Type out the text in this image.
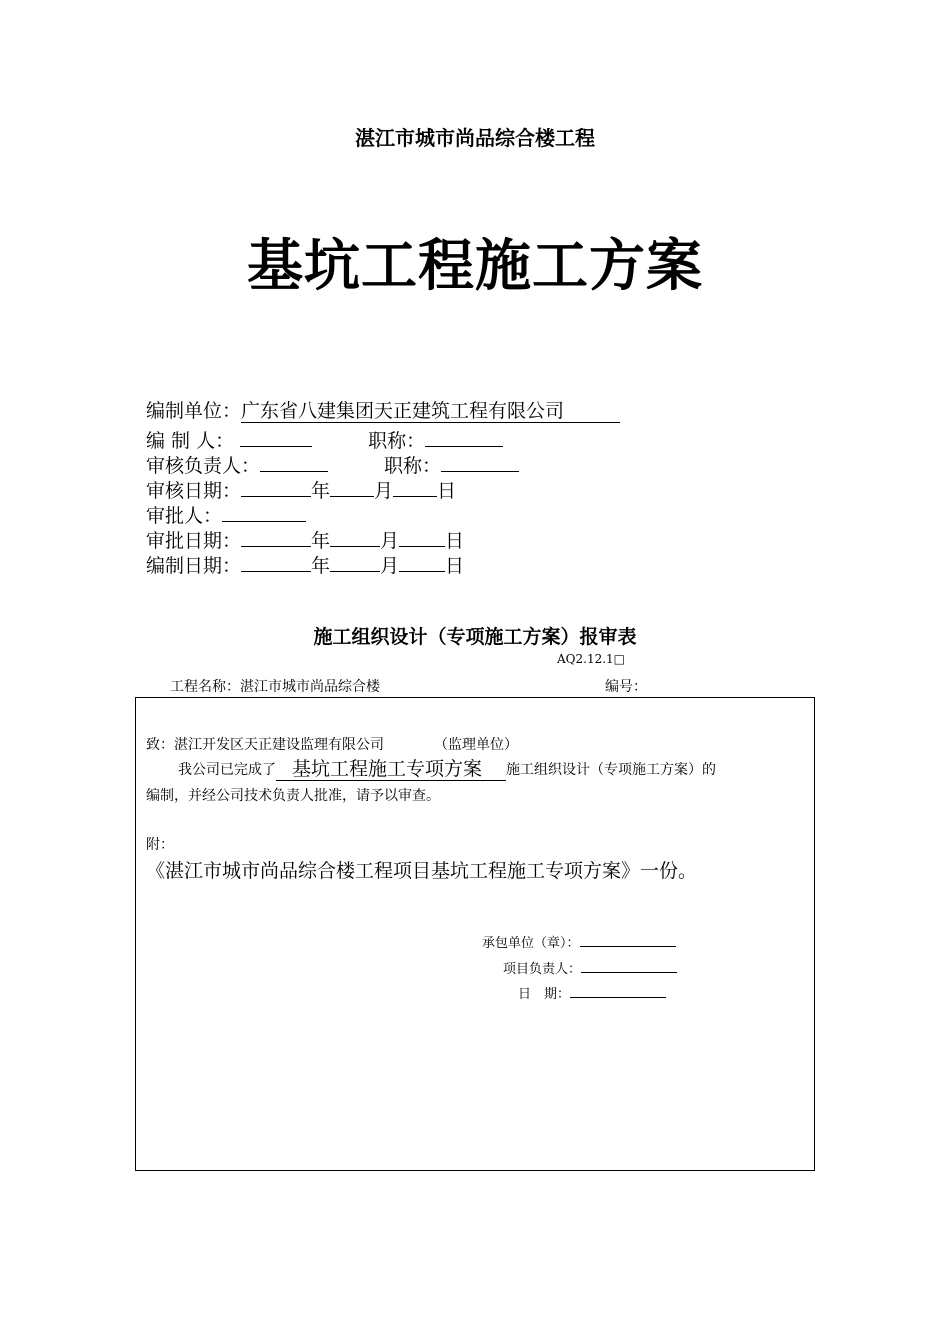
湛江市城市尚品综合楼工程
基坑工程施工方案
编制单位：广东省八建集团天正建筑工程有限公司
编 制 人：	职称：
审核负责人：	职称：
审核日期：	年 月 日
审批人：
审批日期：	年	月 日
编制日期：	年	月 日
施工组织设计（专项施工方案）报审表
AQ2.12.1□
工程名称：湛江市城市尚品综合楼	编号：
致：湛江开发区天正建设监理有限公司	（监理单位）
我公司已完成了 基坑工程施工专项方案 施工组织设计（专项施工方案）的
编制，并经公司技术负责人批准，请予以审查。
附：
《湛江市城市尚品综合楼工程项目基坑工程施工专项方案》一份。
承包单位（章）：
项目负责人：
日　期：
